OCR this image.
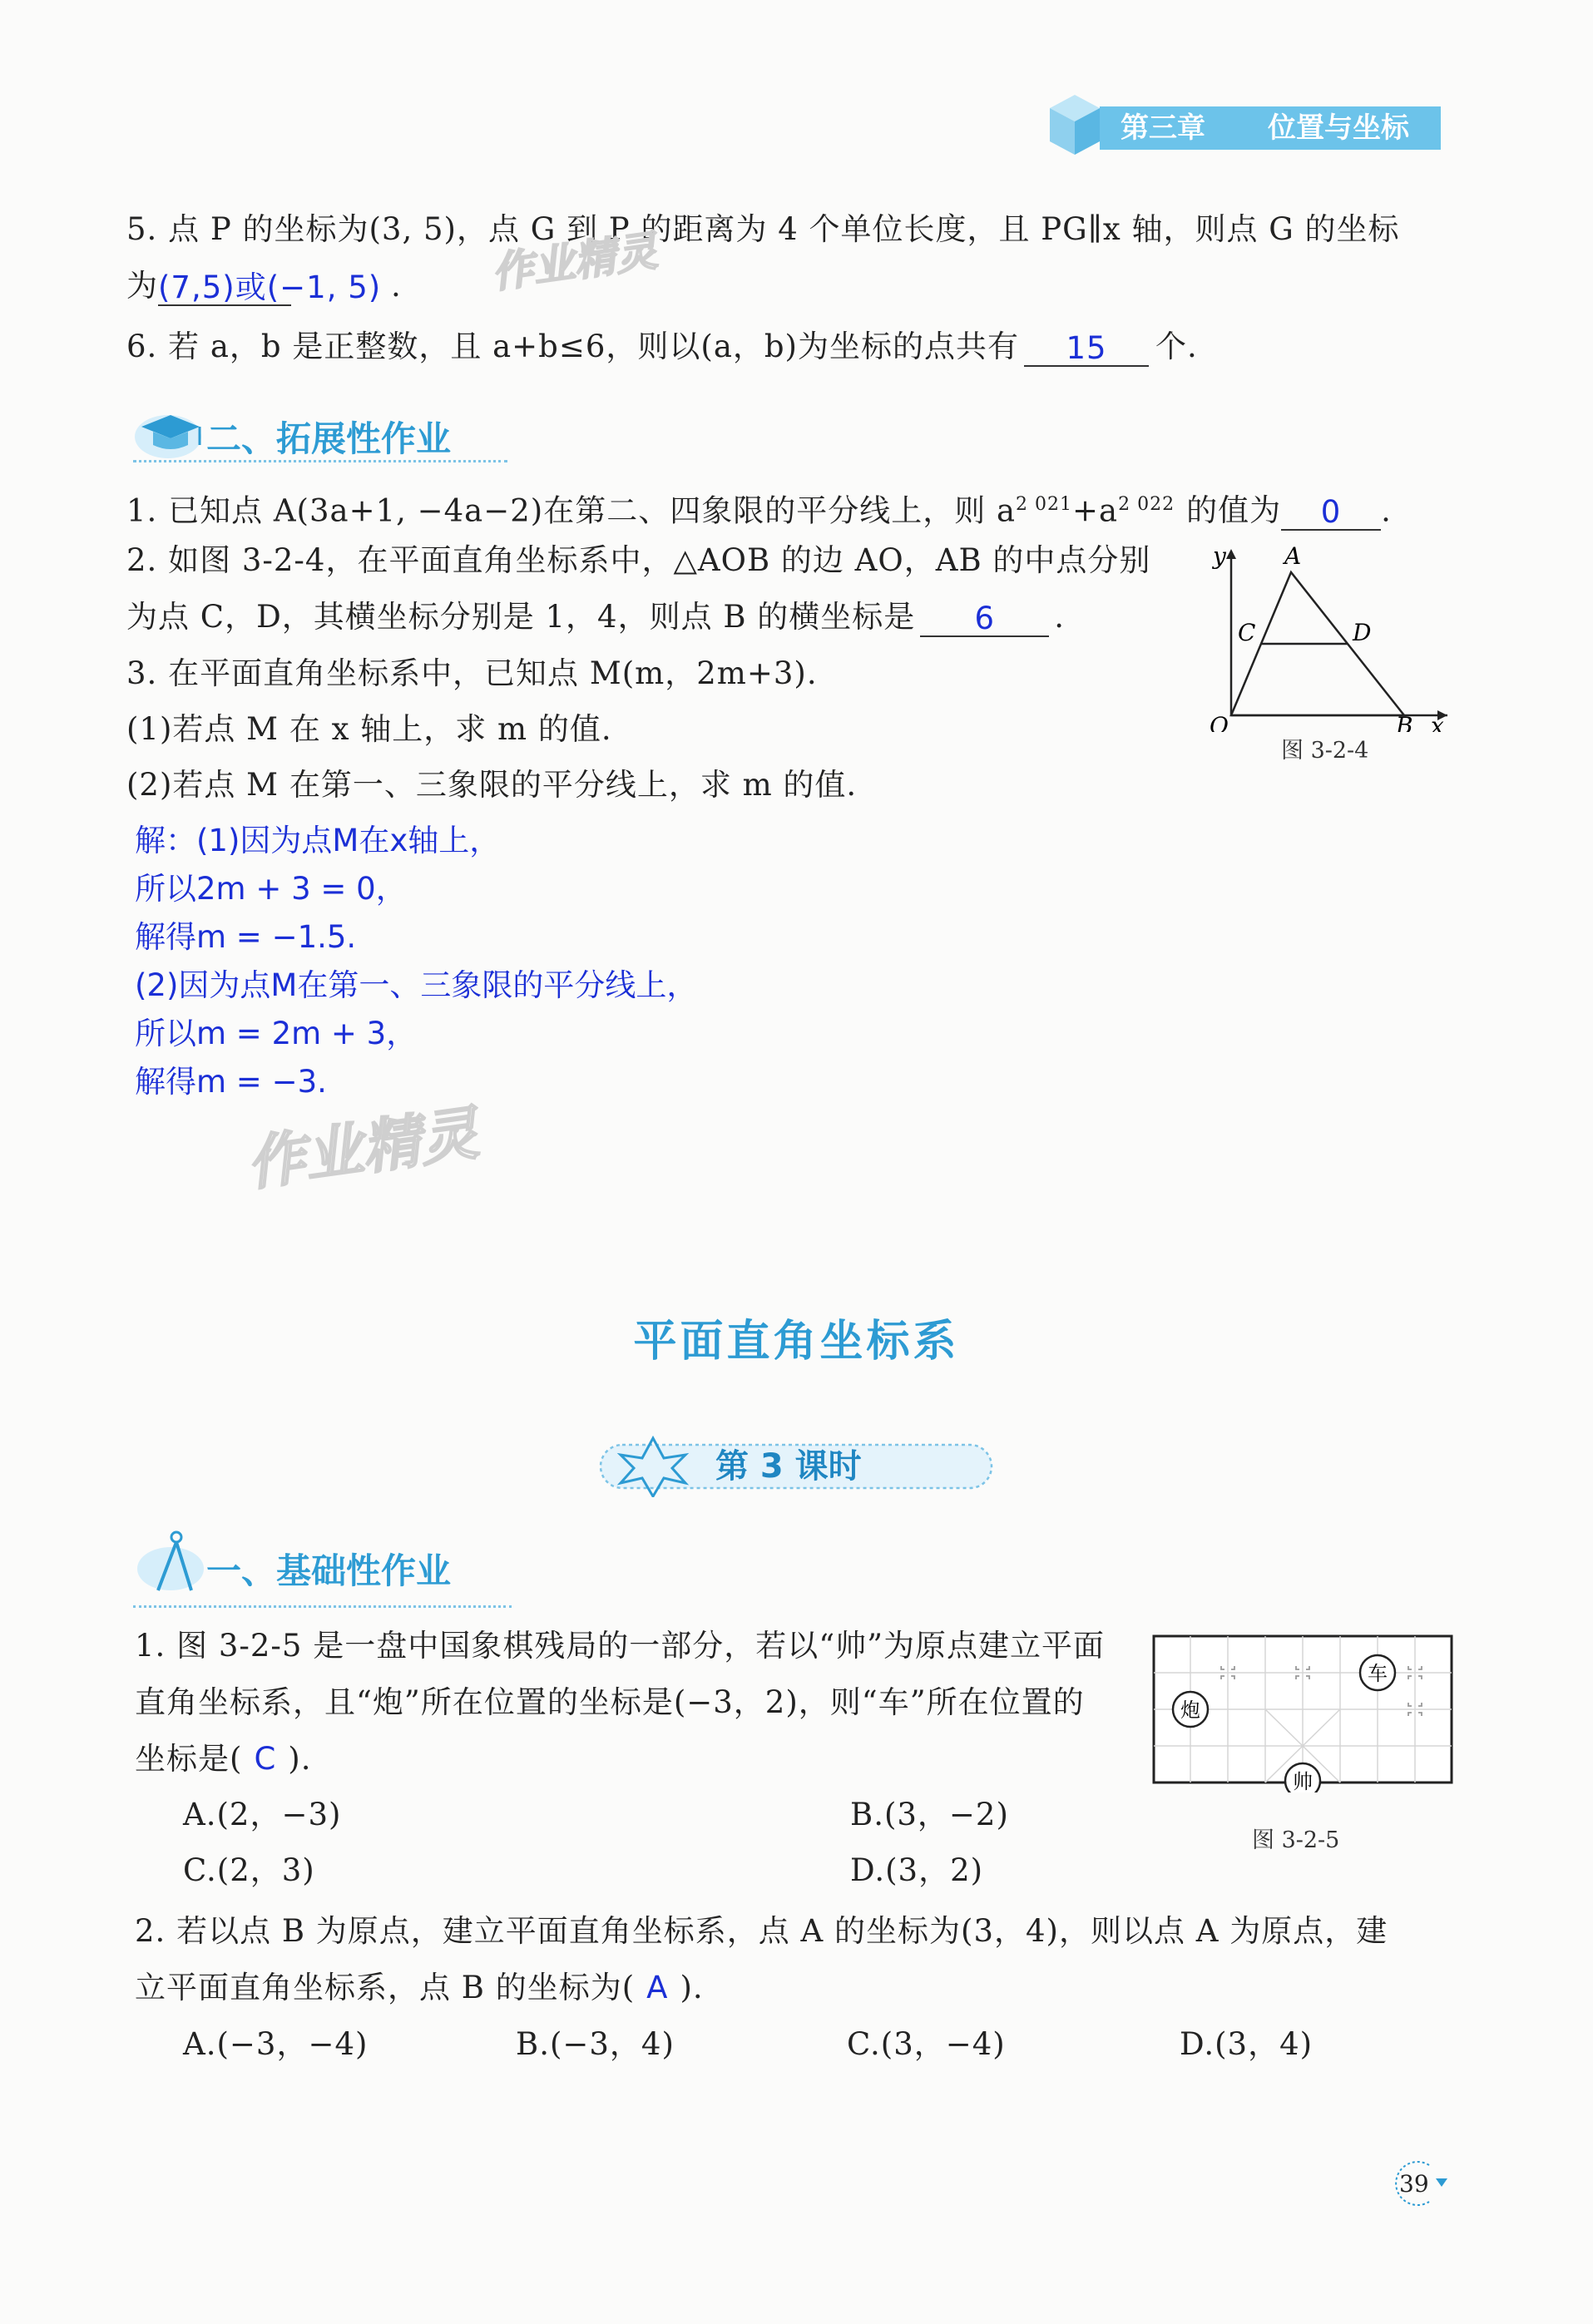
第三章 位置与坐标
5. 点 P 的坐标为(3, 5)，点 G 到 P 的距离为 4 个单位长度，且 PG∥x 轴，则点 G 的坐标
为(7,5)或(−1, 5) . 作业精灵
6. 若 a，b 是正整数，且 a+b≤6，则以(a，b)为坐标的点共有 15 个.
二、拓展性作业
1. 已知点 A(3a+1, −4a−2)在第二、四象限的平分线上，则 $a^{2 021}+a^{2 022}$ 的值为 0 .
2. 如图 3-2-4，在平面直角坐标系中，△AOB 的边 AO，AB 的中点分别
为点 C，D，其横坐标分别是 1，4，则点 B 的横坐标是 6 .
3. 在平面直角坐标系中，已知点 M(m，2m+3).
(1)若点 M 在 x 轴上，求 m 的值.
(2)若点 M 在第一、三象限的平分线上，求 m 的值.
y	A
C	D
O	B x
图 3-2-4
解：(1)因为点M在x轴上，
所以2m + 3 = 0，
解得m = −1.5.
(2)因为点M在第一、三象限的平分线上，
所以m = 2m + 3，
解得m = −3.
作业精灵
平面直角坐标系
第 3 课时
一、基础性作业
1. 图 3-2-5 是一盘中国象棋残局的一部分，若以“帅”为原点建立平面
直角坐标系，且“炮”所在位置的坐标是(−3，2)，则“车”所在位置的
坐标是( C ).
A.(2，−3)	B.(3，−2)
C.(2，3)	D.(3，2)
车
炮
帅
图 3-2-5
2. 若以点 B 为原点，建立平面直角坐标系，点 A 的坐标为(3，4)，则以点 A 为原点，建
立平面直角坐标系，点 B 的坐标为( A ).
A.(−3，−4)	B.(−3，4)	C.(3，−4)	D.(3，4)
39
